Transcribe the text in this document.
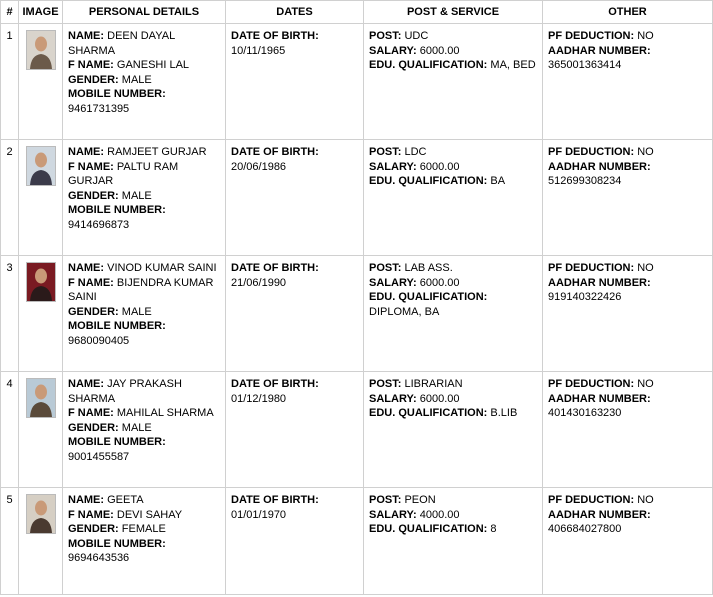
#	IMAGE	PERSONAL DETAILS	DATES	POST & SERVICE	OTHER

1		NAME: DEEN DAYAL SHARMA
F NAME: GANESHI LAL
GENDER: MALE
MOBILE NUMBER:
9461731395	DATE OF BIRTH:
10/11/1965	POST: UDC
SALARY: 6000.00
EDU. QUALIFICATION: MA, BED	PF DEDUCTION: NO
AADHAR NUMBER:
365001363414

2		NAME: RAMJEET GURJAR
F NAME: PALTU RAM GURJAR
GENDER: MALE
MOBILE NUMBER:
9414696873	DATE OF BIRTH:
20/06/1986	POST: LDC
SALARY: 6000.00
EDU. QUALIFICATION: BA	PF DEDUCTION: NO
AADHAR NUMBER:
512699308234

3		NAME: VINOD KUMAR SAINI
F NAME: BIJENDRA KUMAR SAINI
GENDER: MALE
MOBILE NUMBER:
9680090405	DATE OF BIRTH:
21/06/1990	POST: LAB ASS.
SALARY: 6000.00
EDU. QUALIFICATION: DIPLOMA, BA	PF DEDUCTION: NO
AADHAR NUMBER:
919140322426

4		NAME: JAY PRAKASH SHARMA
F NAME: MAHILAL SHARMA
GENDER: MALE
MOBILE NUMBER:
9001455587	DATE OF BIRTH:
01/12/1980	POST: LIBRARIAN
SALARY: 6000.00
EDU. QUALIFICATION: B.LIB	PF DEDUCTION: NO
AADHAR NUMBER:
401430163230

5		NAME: GEETA
F NAME: DEVI SAHAY
GENDER: FEMALE
MOBILE NUMBER:
9694643536	DATE OF BIRTH:
01/01/1970	POST: PEON
SALARY: 4000.00
EDU. QUALIFICATION: 8	PF DEDUCTION: NO
AADHAR NUMBER:
406684027800
